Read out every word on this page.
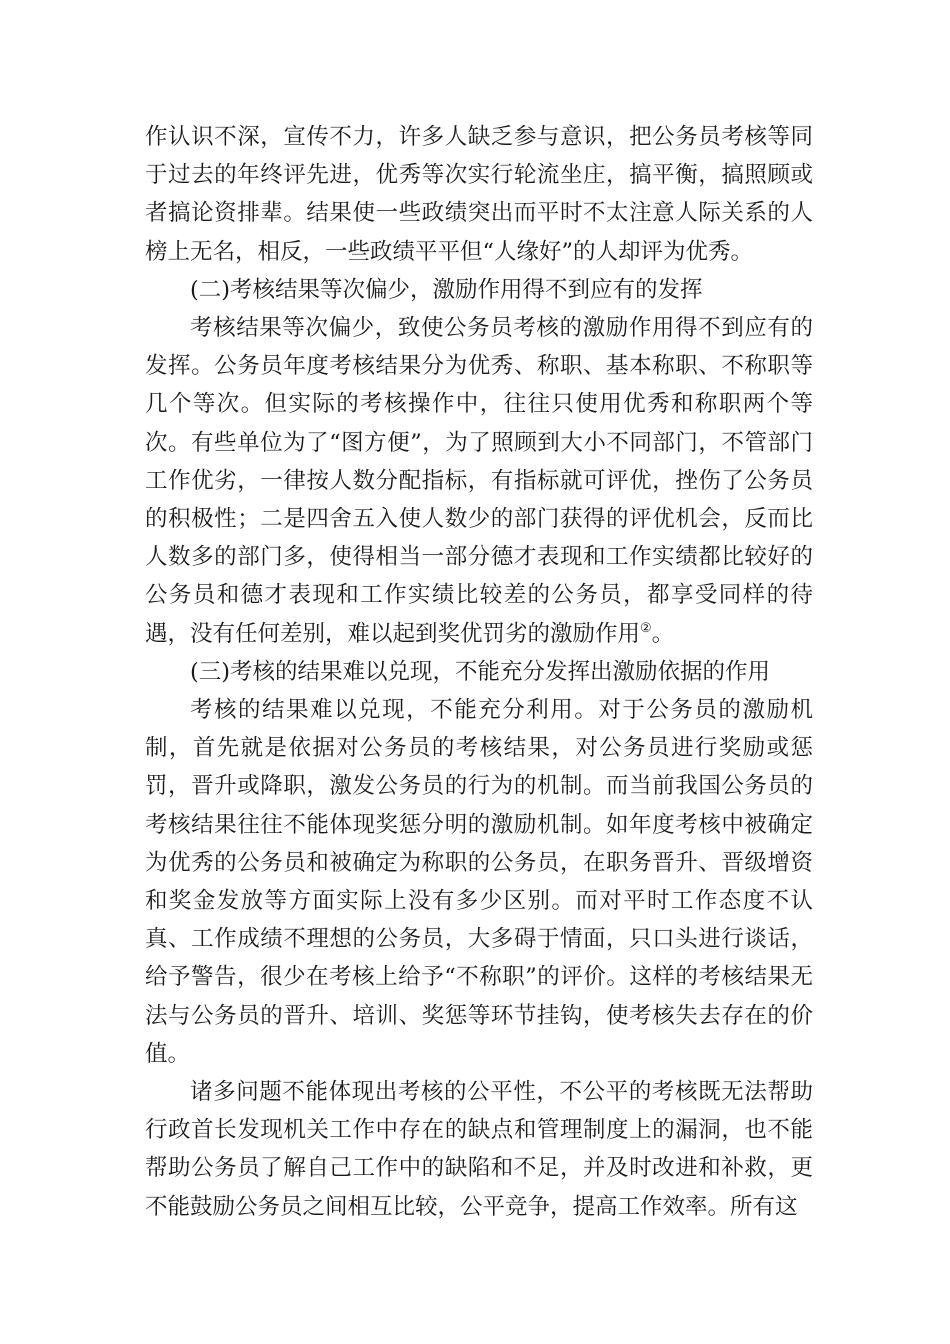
作认识不深，宣传不力，许多人缺乏参与意识，把公务员考核等同于过去的年终评先进，优秀等次实行轮流坐庄，搞平衡，搞照顾或者搞论资排辈。结果使一些政绩突出而平时不太注意人际关系的人榜上无名，相反，一些政绩平平但“人缘好”的人却评为优秀。

(二)考核结果等次偏少，激励作用得不到应有的发挥

考核结果等次偏少，致使公务员考核的激励作用得不到应有的发挥。公务员年度考核结果分为优秀、称职、基本称职、不称职等几个等次。但实际的考核操作中，往往只使用优秀和称职两个等次。有些单位为了“图方便”，为了照顾到大小不同部门，不管部门工作优劣，一律按人数分配指标，有指标就可评优，挫伤了公务员的积极性；二是四舍五入使人数少的部门获得的评优机会，反而比人数多的部门多，使得相当一部分德才表现和工作实绩都比较好的公务员和德才表现和工作实绩比较差的公务员，都享受同样的待遇，没有任何差别，难以起到奖优罚劣的激励作用②。

(三)考核的结果难以兑现，不能充分发挥出激励依据的作用

考核的结果难以兑现，不能充分利用。对于公务员的激励机制，首先就是依据对公务员的考核结果，对公务员进行奖励或惩罚，晋升或降职，激发公务员的行为的机制。而当前我国公务员的考核结果往往不能体现奖惩分明的激励机制。如年度考核中被确定为优秀的公务员和被确定为称职的公务员，在职务晋升、晋级增资和奖金发放等方面实际上没有多少区别。而对平时工作态度不认真、工作成绩不理想的公务员，大多碍于情面，只口头进行谈话，给予警告，很少在考核上给予“不称职”的评价。这样的考核结果无法与公务员的晋升、培训、奖惩等环节挂钩，使考核失去存在的价值。

诸多问题不能体现出考核的公平性，不公平的考核既无法帮助行政首长发现机关工作中存在的缺点和管理制度上的漏洞，也不能帮助公务员了解自己工作中的缺陷和不足，并及时改进和补救，更不能鼓励公务员之间相互比较，公平竞争，提高工作效率。所有这
